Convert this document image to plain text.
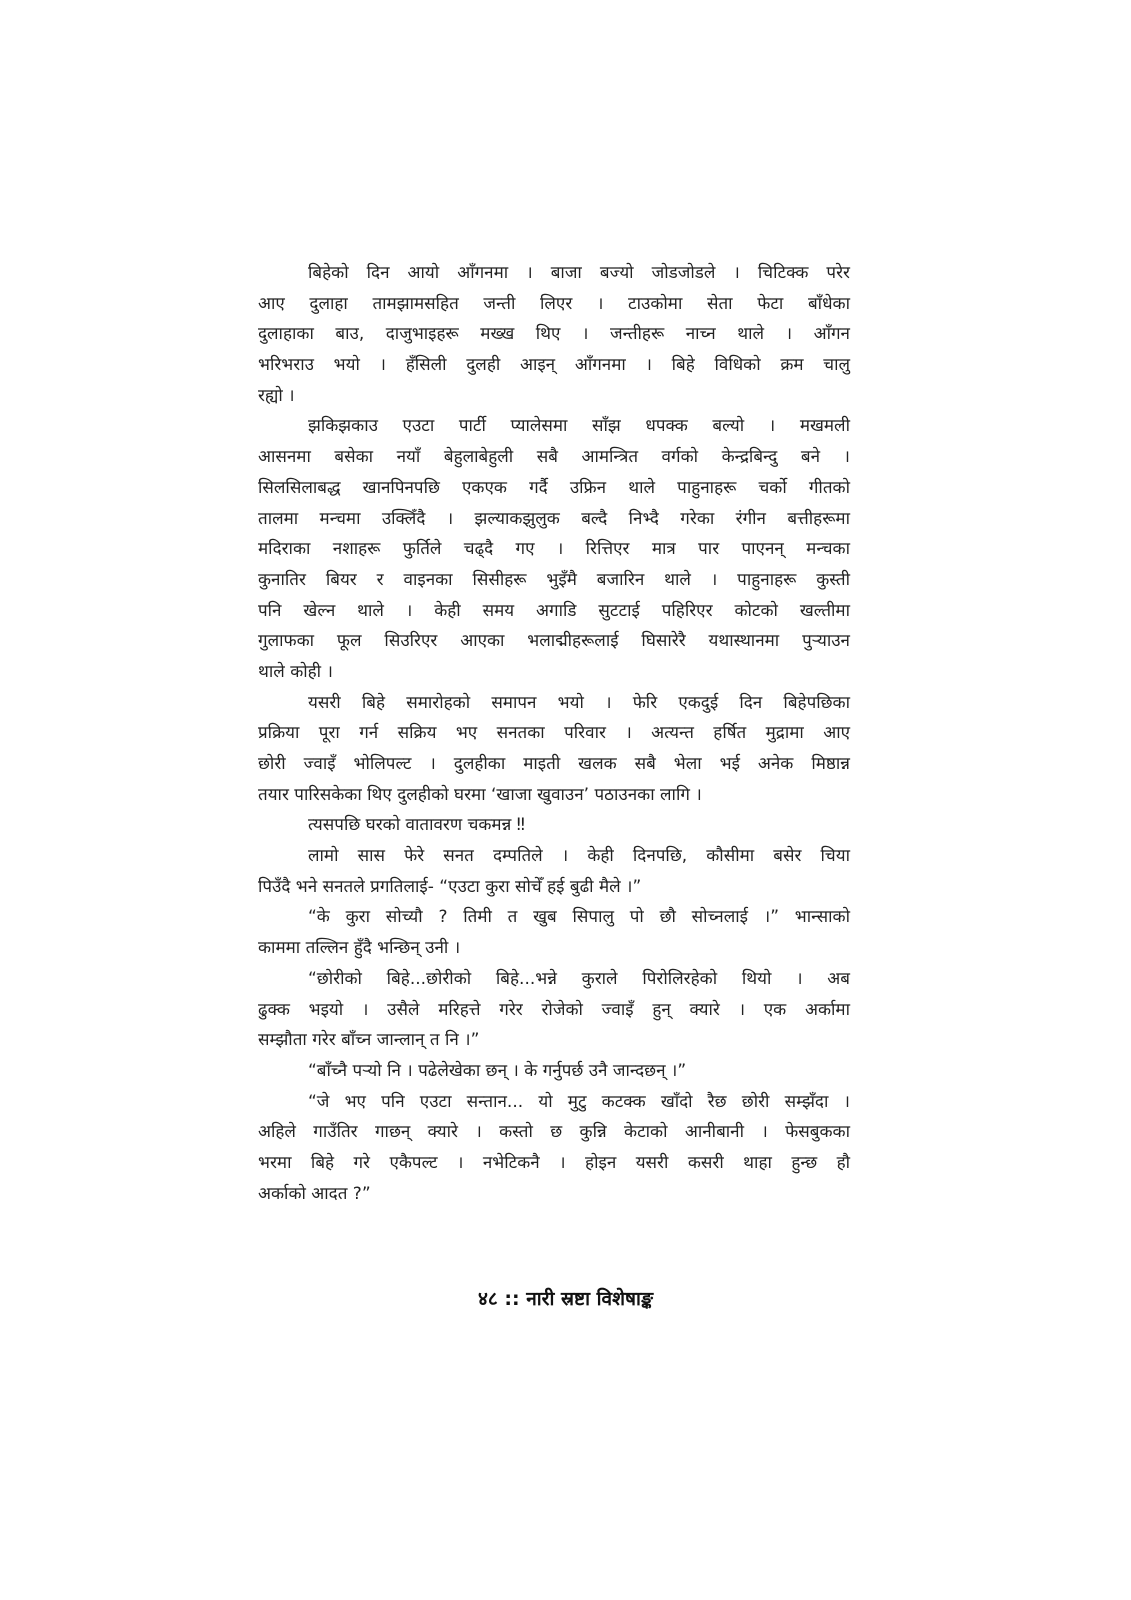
बिहेको दिन आयो आँगनमा । बाजा बज्यो जोडजोडले । चिटिक्क परेर
आए दुलाहा तामझामसहित जन्ती लिएर । टाउकोमा सेता फेटा बाँधेका
दुलाहाका बाउ, दाजुभाइहरू मख्ख थिए । जन्तीहरू नाच्न थाले । आँगन
भरिभराउ भयो । हँसिली दुलही आइन् आँगनमा । बिहे विधिको क्रम चालु
रह्यो ।
झकिझकाउ एउटा पार्टी प्यालेसमा साँझ धपक्क बल्यो । मखमली
आसनमा बसेका नयाँ बेहुलाबेहुली सबै आमन्त्रित वर्गको केन्द्रबिन्दु बने ।
सिलसिलाबद्ध खानपिनपछि एकएक गर्दै उफ्रिन थाले पाहुनाहरू चर्को गीतको
तालमा मन्चमा उक्लिँदै । झल्याकझुलुक बल्दै निभ्दै गरेका रंगीन बत्तीहरूमा
मदिराका नशाहरू फुर्तिले चढ्दै गए । रित्तिएर मात्र पार पाएनन् मन्चका
कुनातिर बियर र वाइनका सिसीहरू भुइँमै बजारिन थाले । पाहुनाहरू कुस्ती
पनि खेल्न थाले । केही समय अगाडि सुटटाई पहिरिएर कोटको खल्तीमा
गुलाफका फूल सिउरिएर आएका भलाद्मीहरूलाई घिसारेरै यथास्थानमा पुऱ्याउन
थाले कोही ।
यसरी बिहे समारोहको समापन भयो । फेरि एकदुई दिन बिहेपछिका
प्रक्रिया पूरा गर्न सक्रिय भए सनतका परिवार । अत्यन्त हर्षित मुद्रामा आए
छोरी ज्वाइँ भोलिपल्ट । दुलहीका माइती खलक सबै भेला भई अनेक मिष्ठान्न
तयार पारिसकेका थिए दुलहीको घरमा ‘खाजा खुवाउन’ पठाउनका लागि ।
त्यसपछि घरको वातावरण चकमन्न ‼
लामो सास फेरे सनत दम्पतिले । केही दिनपछि, कौसीमा बसेर चिया
पिउँदै भने सनतले प्रगतिलाई- “एउटा कुरा सोचेँ हई बुढी मैले ।”
“के कुरा सोच्यौ ? तिमी त खुब सिपालु पो छौ सोच्नलाई ।” भान्साको
काममा तल्लिन हुँदै भन्छिन् उनी ।
“छोरीको बिहे...छोरीको बिहे...भन्ने कुराले पिरोलिरहेको थियो । अब
ढुक्क भइयो । उसैले मरिहत्ते गरेर रोजेको ज्वाइँ हुन् क्यारे । एक अर्कामा
सम्झौता गरेर बाँच्न जान्लान् त नि ।”
“बाँच्नै पऱ्यो नि । पढेलेखेका छन् । के गर्नुपर्छ उनै जान्दछन् ।”
“जे भए पनि एउटा सन्तान... यो मुटु कटक्क खाँदो रैछ छोरी सम्झँदा ।
अहिले गाउँतिर गाछन् क्यारे । कस्तो छ कुन्नि केटाको आनीबानी । फेसबुकका
भरमा बिहे गरे एकैपल्ट । नभेटिकनै । होइन यसरी कसरी थाहा हुन्छ हौ
अर्काको आदत ?”
४८ :: नारी स्रष्टा विशेषाङ्क
